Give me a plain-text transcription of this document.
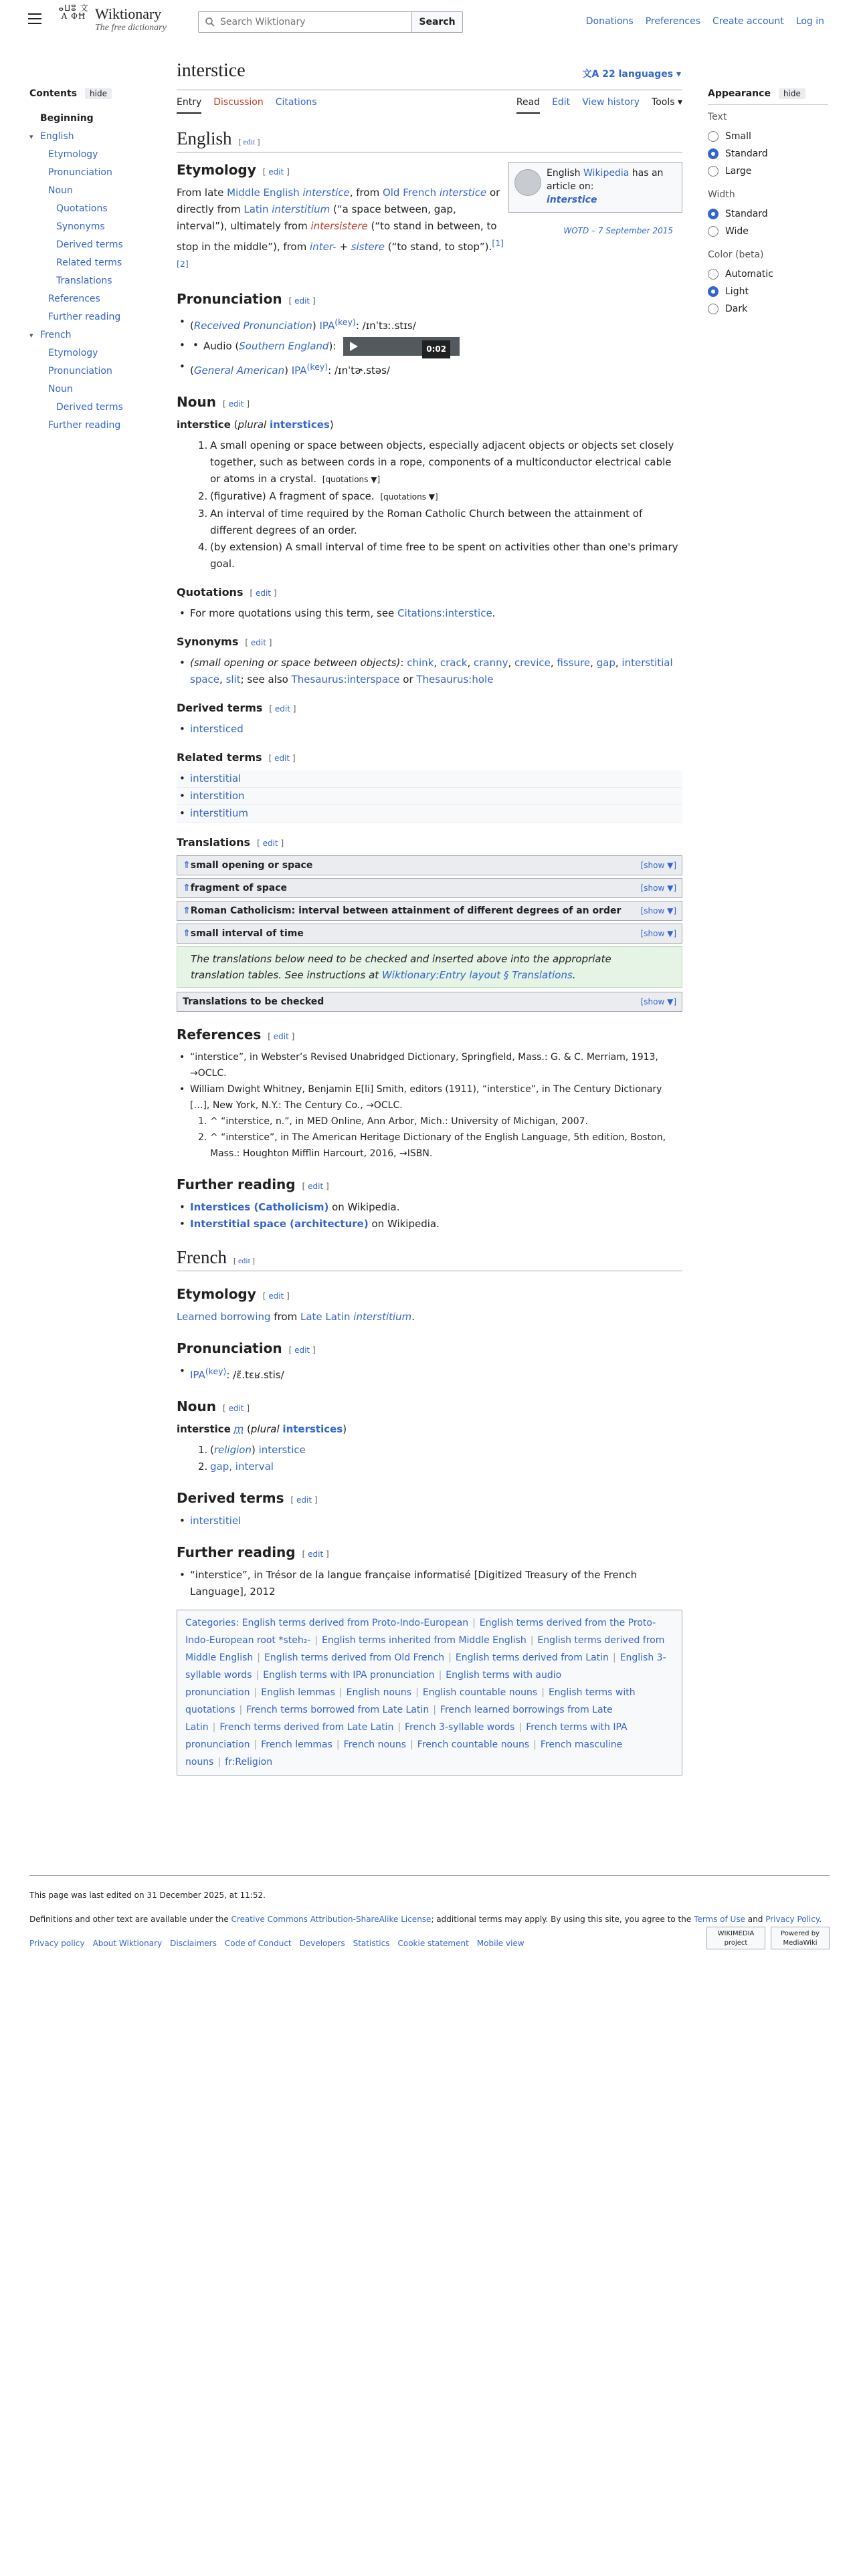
ⴰⵡⵓ 文A ΦĦ Wiktionary
The free dictionary
Search Wiktionary
Search	Donations Preferences Create account Log in
Contents	hide
Beginning
▾ English
Etymology
Pronunciation
Noun
Quotations
Synonyms
Derived terms
Related terms
Translations
References
Further reading
▾ French
Etymology
Pronunciation
Noun
Derived terms
Further reading
Appearance	hide
Text
Small
Standard
Large
Width
Standard
Wide
Color (beta)
Automatic
Light
Dark
interstice	文A 22 languages ▾
Entry Discussion Citations	Read Edit View history Tools ▾
English [ edit ]
English Wikipedia has an article on:
interstice
WOTD – 7 September 2015
Etymology [ edit ]

From late Middle English interstice, from Old French interstice or directly from Latin interstitium (“a space between, gap, interval”), ultimately from intersistere (“to stand in between, to stop in the middle”), from inter- + sistere (“to stand, to stop”).[1][2]

Pronunciation [ edit ]
• (Received Pronunciation) $IPA^{(key)}$: /ɪnˈtɜː.stɪs/
• • Audio (Southern England):	0:02
• (General American) $IPA^{(key)}$: /ɪnˈtɚ.stəs/
Noun [ edit ]
interstice (plural interstices)
1. A small opening or space between objects, especially adjacent objects or objects set closely together, such as between cords in a rope, components of a multiconductor electrical cable or atoms in a crystal. [quotations ▼]
2. (figurative) A fragment of space. [quotations ▼]
3. An interval of time required by the Roman Catholic Church between the attainment of different degrees of an order.
4. (by extension) A small interval of time free to be spent on activities other than one's primary goal.
Quotations [ edit ]
• For more quotations using this term, see Citations:interstice.
Synonyms [ edit ]
• (small opening or space between objects): chink, crack, cranny, crevice, fissure, gap, interstitial space, slit; see also Thesaurus:interspace or Thesaurus:hole
Derived terms [ edit ]
• intersticed
Related terms [ edit ]
• interstitial
• interstition
• interstitium
Translations [ edit ]
⇑small opening or space	[show ▼]
⇑fragment of space	[show ▼]
⇑Roman Catholicism: interval between attainment of different degrees of an order [show ▼]
⇑small interval of time	[show ▼]
The translations below need to be checked and inserted above into the appropriate translation tables. See instructions at Wiktionary:Entry layout § Translations.
Translations to be checked	[show ▼]
References [ edit ]
• “interstice”, in Webster’s Revised Unabridged Dictionary, Springfield, Mass.: G. & C. Merriam, 1913, →OCLC.
• William Dwight Whitney, Benjamin E[li] Smith, editors (1911), “interstice”, in The Century Dictionary […], New York, N.Y.: The Century Co., →OCLC.
1. ^ “interstice, n.”, in MED Online, Ann Arbor, Mich.: University of Michigan, 2007.
2. ^ “interstice”, in The American Heritage Dictionary of the English Language, 5th edition, Boston, Mass.: Houghton Mifflin Harcourt, 2016, →ISBN.
Further reading [ edit ]
• Interstices (Catholicism) on Wikipedia.
• Interstitial space (architecture) on Wikipedia.
French [ edit ]
Etymology [ edit ]

Learned borrowing from Late Latin interstitium.

Pronunciation [ edit ]
• $IPA^{(key)}$: /ɛ̃.tɛʁ.stis/
Noun [ edit ]
interstice m (plural interstices)
1. (religion) interstice
2. gap, interval
Derived terms [ edit ]
• interstitiel
Further reading [ edit ]
• “interstice”, in Trésor de la langue française informatisé [Digitized Treasury of the French Language], 2012
Categories: English terms derived from Proto-Indo-European | English terms derived from the Proto-Indo-European root *steh₂- | English terms inherited from Middle English | English terms derived from Middle English | English terms derived from Old French | English terms derived from Latin | English 3-syllable words | English terms with IPA pronunciation | English terms with audio pronunciation | English lemmas | English nouns | English countable nouns | English terms with quotations | French terms borrowed from Late Latin | French learned borrowings from Late Latin | French terms derived from Late Latin | French 3-syllable words | French terms with IPA pronunciation | French lemmas | French nouns | French countable nouns | French masculine nouns | fr:Religion
This page was last edited on 31 December 2025, at 11:52.
Definitions and other text are available under the Creative Commons Attribution-ShareAlike License; additional terms may apply. By using this site, you agree to the Terms of Use and Privacy Policy.
Privacy policy About Wiktionary Disclaimers Code of Conduct Developers Statistics Cookie statement Mobile view
WIKIMEDIA project
Powered by MediaWiki
